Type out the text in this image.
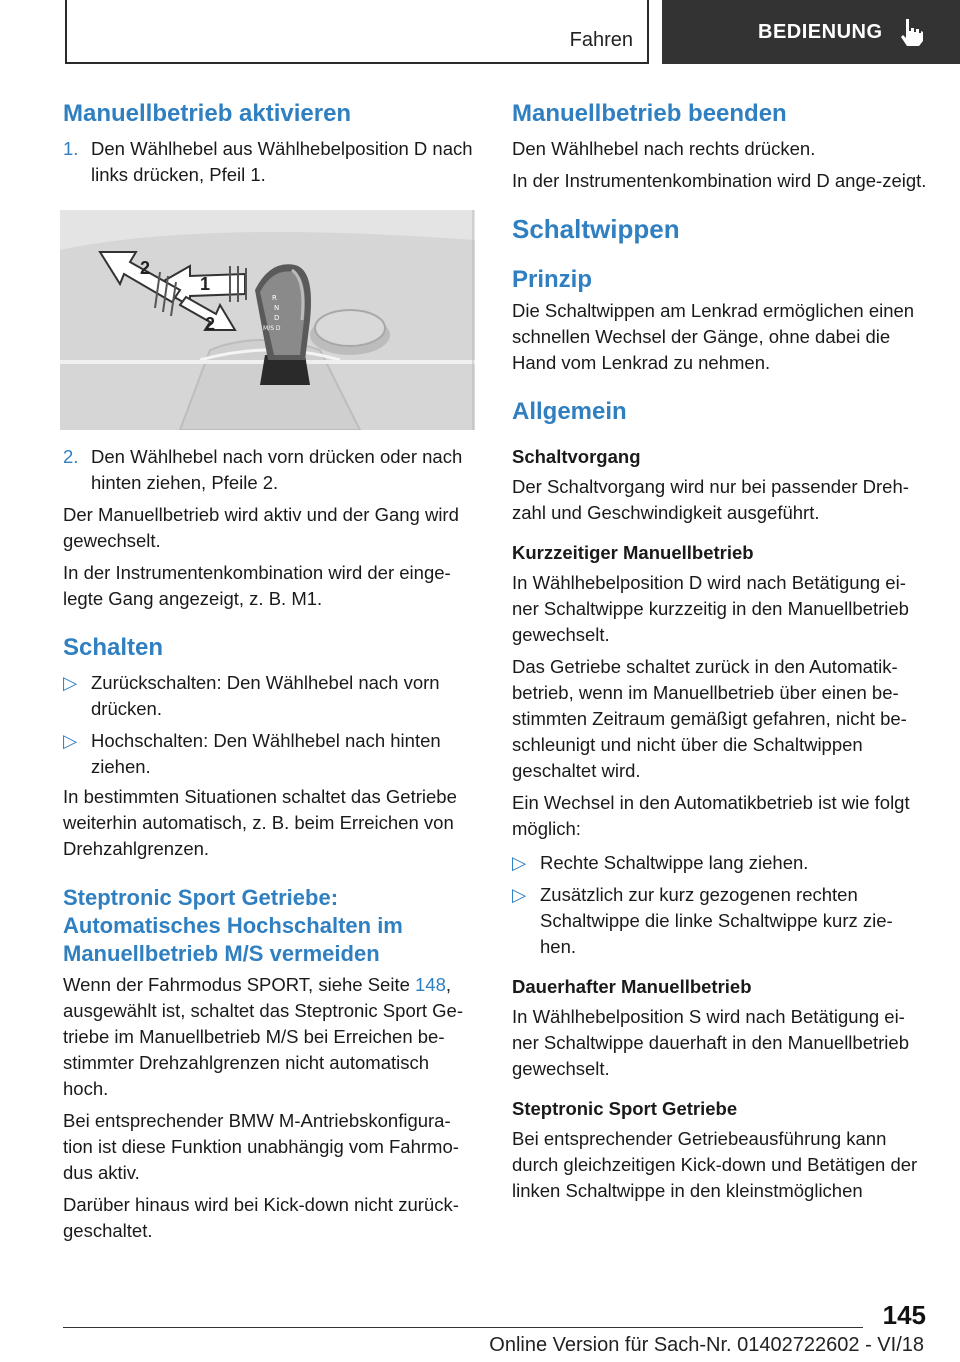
Fahren	BEDIENUNG
Manuellbetrieb aktivieren
1. Den Wählhebel aus Wählhebelposition D nach links drücken, Pfeil 1.
R
N
D
M/S D
1
2
2
2. Den Wählhebel nach vorn drücken oder nach hinten ziehen, Pfeile 2.

Der Manuellbetrieb wird aktiv und der Gang wird gewechselt.

In der Instrumentenkombination wird der einge-legte Gang angezeigt, z. B. M1.

Schalten
▷ Zurückschalten: Den Wählhebel nach vorn drücken.
▷ Hochschalten: Den Wählhebel nach hinten ziehen.

In bestimmten Situationen schaltet das Getriebe weiterhin automatisch, z. B. beim Erreichen von Drehzahlgrenzen.

Steptronic Sport Getriebe:
Automatisches Hochschalten im
Manuellbetrieb M/S vermeiden

Wenn der Fahrmodus SPORT, siehe Seite 148, ausgewählt ist, schaltet das Steptronic Sport Ge-triebe im Manuellbetrieb M/S bei Erreichen be-stimmter Drehzahlgrenzen nicht automatisch hoch.

Bei entsprechender BMW M-Antriebskonfigura-tion ist diese Funktion unabhängig vom Fahrmo-dus aktiv.

Darüber hinaus wird bei Kick-down nicht zurück-geschaltet.

Manuellbetrieb beenden

Den Wählhebel nach rechts drücken.

In der Instrumentenkombination wird D ange-zeigt.

Schaltwippen
Prinzip

Die Schaltwippen am Lenkrad ermöglichen einen schnellen Wechsel der Gänge, ohne dabei die Hand vom Lenkrad zu nehmen.

Allgemein
Schaltvorgang

Der Schaltvorgang wird nur bei passender Dreh-zahl und Geschwindigkeit ausgeführt.

Kurzzeitiger Manuellbetrieb

In Wählhebelposition D wird nach Betätigung ei-ner Schaltwippe kurzzeitig in den Manuellbetrieb gewechselt.

Das Getriebe schaltet zurück in den Automatik-betrieb, wenn im Manuellbetrieb über einen be-stimmten Zeitraum gemäßigt gefahren, nicht be-schleunigt und nicht über die Schaltwippen geschaltet wird.

Ein Wechsel in den Automatikbetrieb ist wie folgt möglich:

▷ Rechte Schaltwippe lang ziehen.
▷ Zusätzlich zur kurz gezogenen rechten Schaltwippe die linke Schaltwippe kurz zie-hen.
Dauerhafter Manuellbetrieb

In Wählhebelposition S wird nach Betätigung ei-ner Schaltwippe dauerhaft in den Manuellbetrieb gewechselt.

Steptronic Sport Getriebe

Bei entsprechender Getriebeausführung kann durch gleichzeitigen Kick-down und Betätigen der linken Schaltwippe in den kleinstmöglichen

145
Online Version für Sach-Nr. 01402722602 - VI/18
